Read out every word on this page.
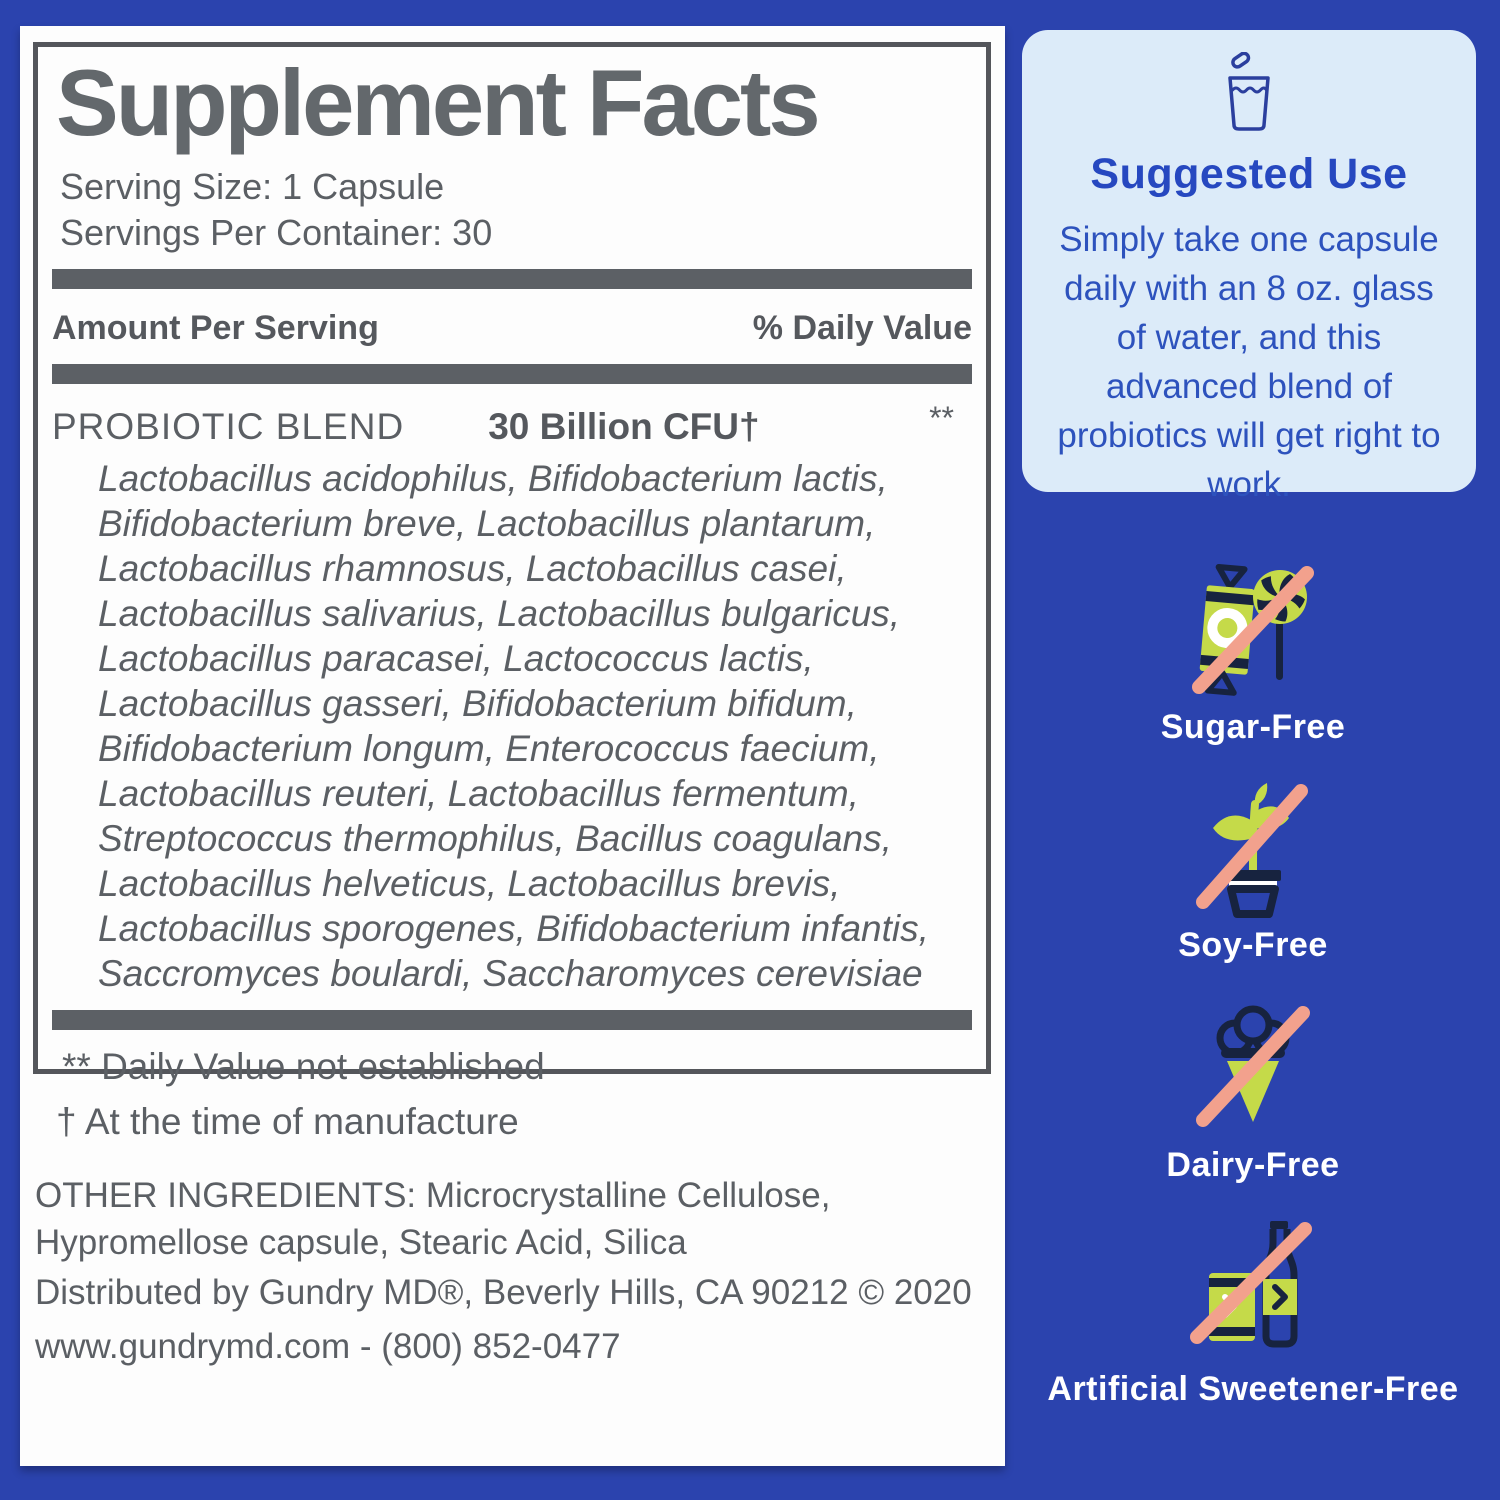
Supplement Facts
Serving Size: 1 Capsule
Servings Per Container: 30
Amount Per Serving	% Daily Value
PROBIOTIC BLEND 30 Billion CFU†	**
Lactobacillus acidophilus, Bifidobacterium lactis,
Bifidobacterium breve, Lactobacillus plantarum,
Lactobacillus rhamnosus, Lactobacillus casei,
Lactobacillus salivarius, Lactobacillus bulgaricus,
Lactobacillus paracasei, Lactococcus lactis,
Lactobacillus gasseri, Bifidobacterium bifidum,
Bifidobacterium longum, Enterococcus faecium,
Lactobacillus reuteri, Lactobacillus fermentum,
Streptococcus thermophilus, Bacillus coagulans,
Lactobacillus helveticus, Lactobacillus brevis,
Lactobacillus sporogenes, Bifidobacterium infantis,
Saccromyces boulardi, Saccharomyces cerevisiae
** Daily Value not established
† At the time of manufacture
OTHER INGREDIENTS: Microcrystalline Cellulose,
Hypromellose capsule, Stearic Acid, Silica
Distributed by Gundry MD®, Beverly Hills, CA 90212 © 2020
www.gundrymd.com - (800) 852-0477
Suggested Use
Simply take one capsule daily with an 8 oz. glass of water, and this advanced blend of probiotics will get right to work.
Sugar-Free
Soy-Free
Dairy-Free
Artificial Sweetener-Free
